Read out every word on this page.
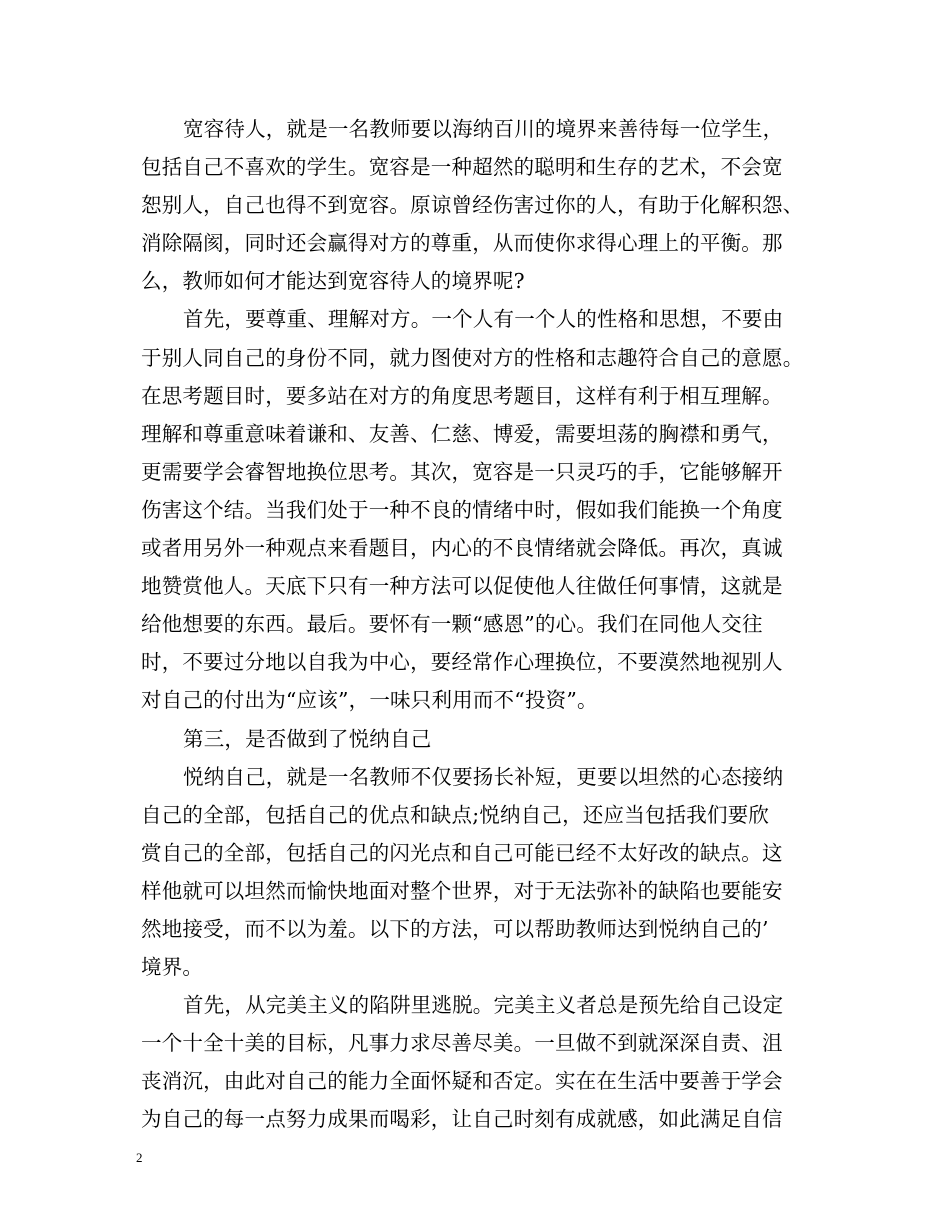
宽容待人，就是一名教师要以海纳百川的境界来善待每一位学生，
包括自己不喜欢的学生。宽容是一种超然的聪明和生存的艺术，不会宽
恕别人，自己也得不到宽容。原谅曾经伤害过你的人，有助于化解积怨、
消除隔阂，同时还会赢得对方的尊重，从而使你求得心理上的平衡。那
么，教师如何才能达到宽容待人的境界呢?
首先，要尊重、理解对方。一个人有一个人的性格和思想，不要由
于别人同自己的身份不同，就力图使对方的性格和志趣符合自己的意愿。
在思考题目时，要多站在对方的角度思考题目，这样有利于相互理解。
理解和尊重意味着谦和、友善、仁慈、博爱，需要坦荡的胸襟和勇气，
更需要学会睿智地换位思考。其次，宽容是一只灵巧的手，它能够解开
伤害这个结。当我们处于一种不良的情绪中时，假如我们能换一个角度
或者用另外一种观点来看题目，内心的不良情绪就会降低。再次，真诚
地赞赏他人。天底下只有一种方法可以促使他人往做任何事情，这就是
给他想要的东西。最后。要怀有一颗“感恩”的心。我们在同他人交往
时，不要过分地以自我为中心，要经常作心理换位，不要漠然地视别人
对自己的付出为“应该”，一味只利用而不“投资”。
第三，是否做到了悦纳自己
悦纳自己，就是一名教师不仅要扬长补短，更要以坦然的心态接纳
自己的全部，包括自己的优点和缺点;悦纳自己，还应当包括我们要欣
赏自己的全部，包括自己的闪光点和自己可能已经不太好改的缺点。这
样他就可以坦然而愉快地面对整个世界，对于无法弥补的缺陷也要能安
然地接受，而不以为羞。以下的方法，可以帮助教师达到悦纳自己的’
境界。
首先，从完美主义的陷阱里逃脱。完美主义者总是预先给自己设定
一个十全十美的目标，凡事力求尽善尽美。一旦做不到就深深自责、沮
丧消沉，由此对自己的能力全面怀疑和否定。实在在生活中要善于学会
为自己的每一点努力成果而喝彩，让自己时刻有成就感，如此满足自信
2
